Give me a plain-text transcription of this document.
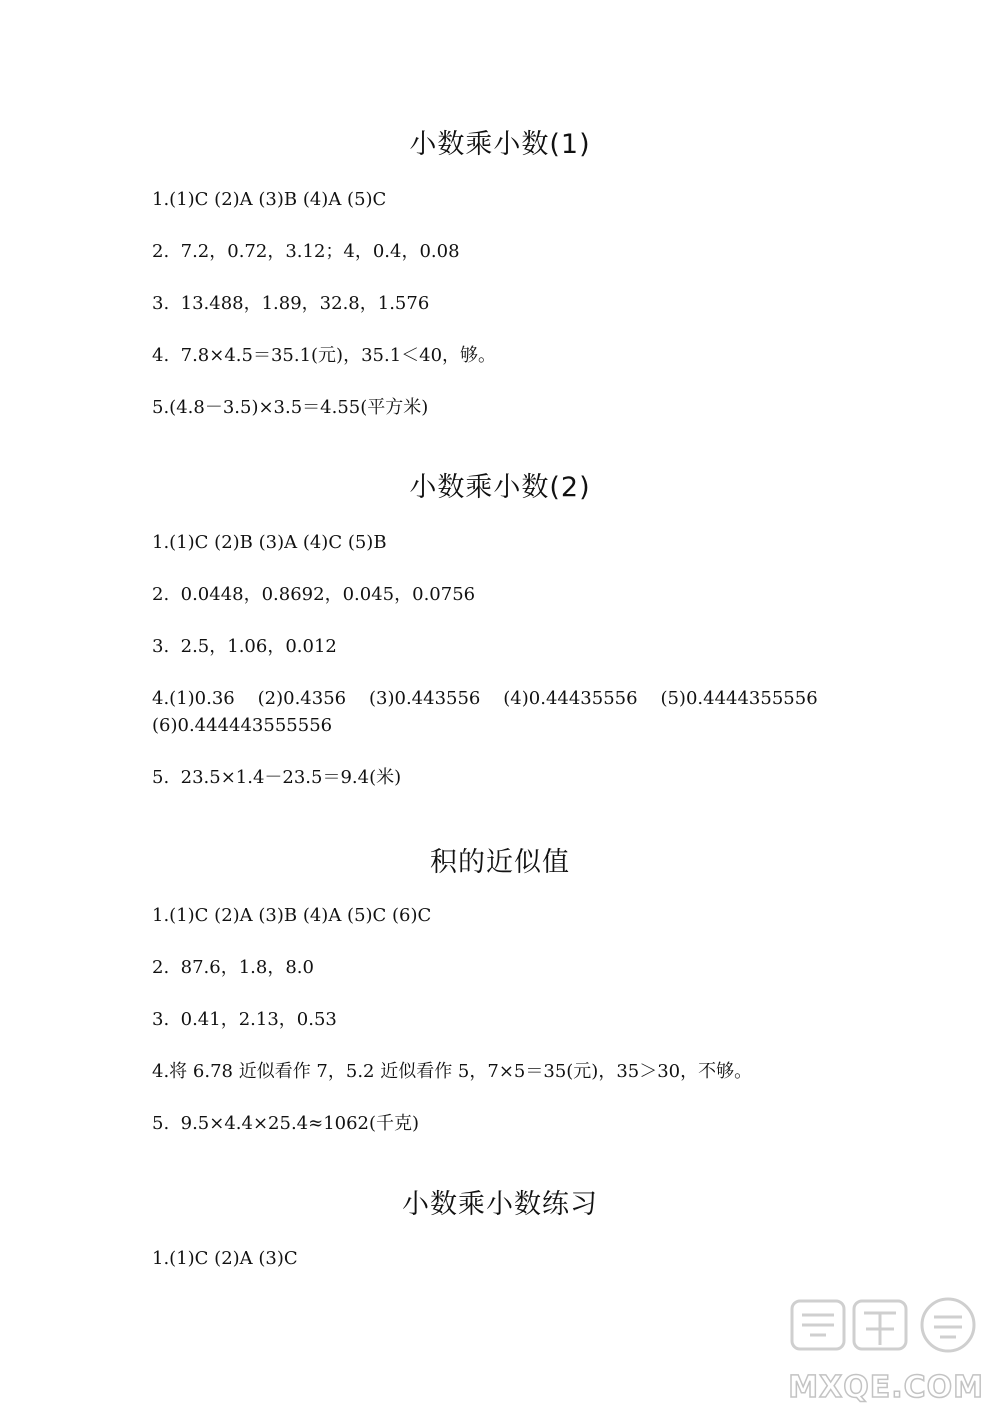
小数乘小数(1)

1.(1)C (2)A (3)B (4)A (5)C

2.  7.2，0.72，3.12；4，0.4，0.08

3.  13.488，1.89，32.8，1.576

4.  7.8×4.5＝35.1(元)，35.1＜40，够。

5.(4.8－3.5)×3.5＝4.55(平方米)

小数乘小数(2)

1.(1)C (2)B (3)A (4)C (5)B

2.  0.0448，0.8692，0.045，0.0756

3.  2.5，1.06，0.012

4.(1)0.36    (2)0.4356    (3)0.443556    (4)0.44435556    (5)0.4444355556

(6)0.444443555556

5.  23.5×1.4－23.5＝9.4(米)

积的近似值

1.(1)C (2)A (3)B (4)A (5)C (6)C

2.  87.6，1.8，8.0

3.  0.41，2.13，0.53

4.将 6.78 近似看作 7，5.2 近似看作 5，7×5＝35(元)，35＞30，不够。

5.  9.5×4.4×25.4≈1062(千克)

小数乘小数练习

1.(1)C (2)A (3)C

MXQE.COM
